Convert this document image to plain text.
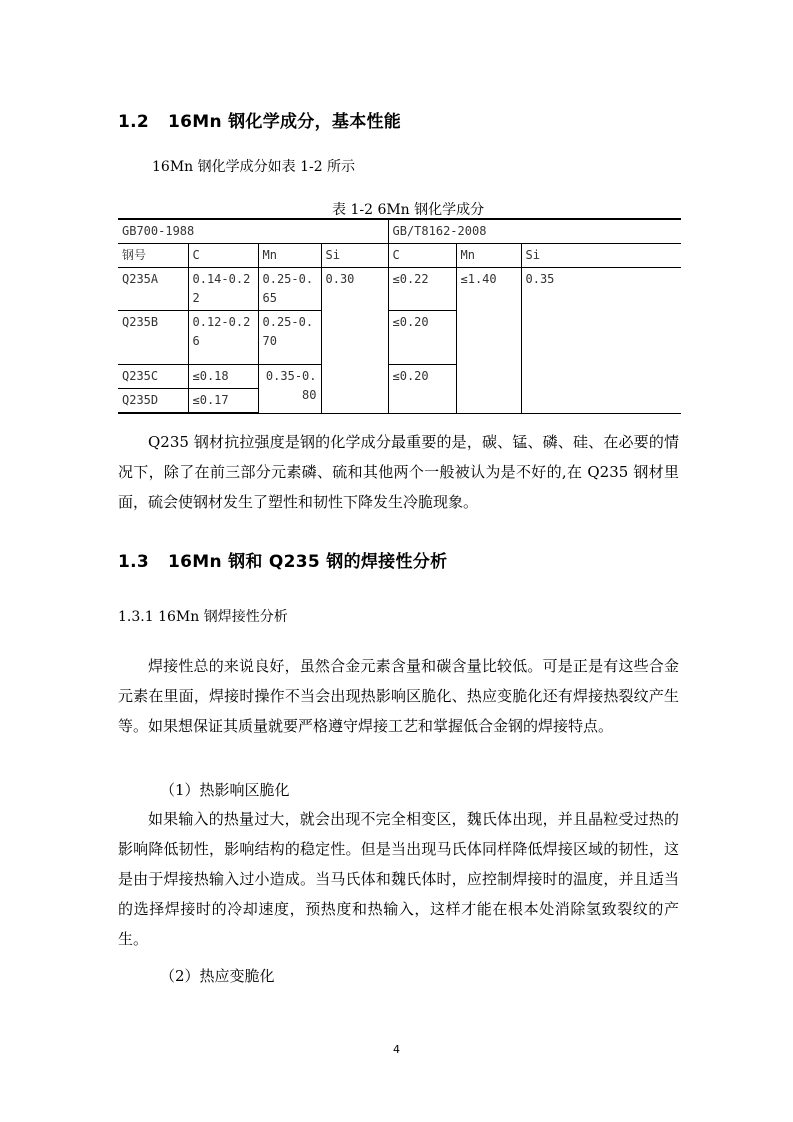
1.2 16Mn 钢化学成分，基本性能
16Mn 钢化学成分如表 1-2 所示
表 1-2 6Mn 钢化学成分
GB700-1988				GB/T8162-2008		
钢号	C	Mn	Si	C	Mn	Si
Q235A	0.14-0.22	0.25-0.65	0.30	≤0.22	≤1.40	0.35
Q235B	0.12-0.26	0.25-0.70		≤0.20		
Q235C	≤0.18	0.35-0.80		≤0.20		
Q235D	≤0.17					
Q235 钢材抗拉强度是钢的化学成分最重要的是，碳、锰、磷、硅、在必要的情况下，除了在前三部分元素磷、硫和其他两个一般被认为是不好的,在 Q235 钢材里面，硫会使钢材发生了塑性和韧性下降发生冷脆现象。
1.3 16Mn 钢和 Q235 钢的焊接性分析
1.3.1 16Mn 钢焊接性分析
焊接性总的来说良好，虽然合金元素含量和碳含量比较低。可是正是有这些合金元素在里面，焊接时操作不当会出现热影响区脆化、热应变脆化还有焊接热裂纹产生等。如果想保证其质量就要严格遵守焊接工艺和掌握低合金钢的焊接特点。
（1）热影响区脆化
如果输入的热量过大，就会出现不完全相变区，魏氏体出现，并且晶粒受过热的影响降低韧性，影响结构的稳定性。但是当出现马氏体同样降低焊接区域的韧性，这是由于焊接热输入过小造成。当马氏体和魏氏体时，应控制焊接时的温度，并且适当的选择焊接时的冷却速度，预热度和热输入，这样才能在根本处消除氢致裂纹的产生。
（2）热应变脆化
4
